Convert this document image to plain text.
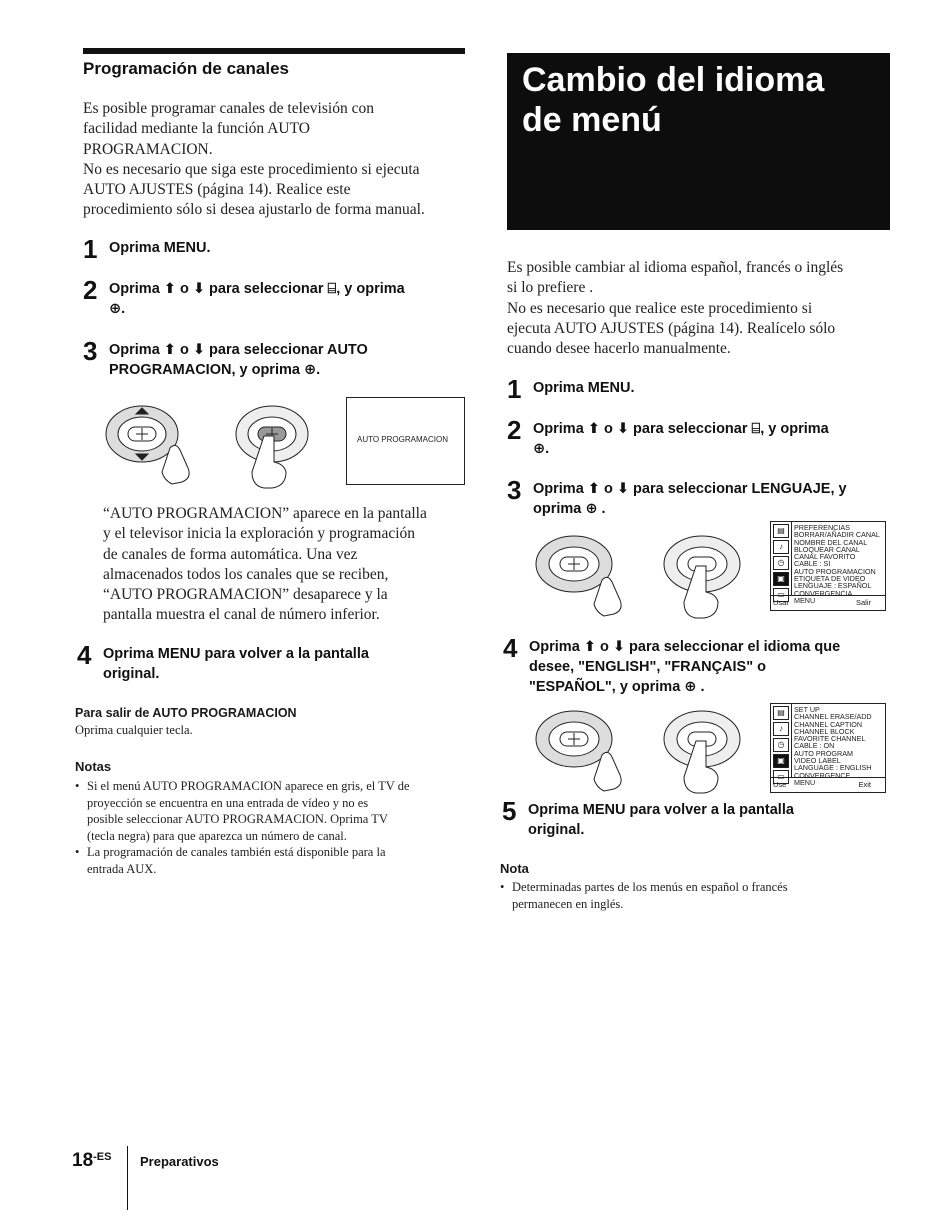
Programación de canales

Es posible programar canales de televisión con

facilidad mediante la función AUTO

PROGRAMACION.

No es necesario que siga este procedimiento si ejecuta

AUTO AJUSTES (página 14). Realice este

procedimiento sólo si desea ajustarlo de forma manual.

1 Oprima MENU.
2 Oprima ⬆ o ⬇ para seleccionar ⌸, y oprima
⊕.
3 Oprima ⬆ o ⬇ para seleccionar AUTO
PROGRAMACION, y oprima ⊕.
AUTO PROGRAMACION

“AUTO PROGRAMACION” aparece en la pantalla

y el televisor inicia la exploración y programación

de canales de forma automática. Una vez

almacenados todos los canales que se reciben,

“AUTO PROGRAMACION” desaparece y la

pantalla muestra el canal de número inferior.

4 Oprima MENU para volver a la pantalla
original.
Para salir de AUTO PROGRAMACION
Oprima cualquier tecla.
Notas
• Si el menú AUTO PROGRAMACION aparece en gris, el TV de
proyección se encuentra en una entrada de vídeo y no es
posible seleccionar AUTO PROGRAMACION. Oprima TV
(tecla negra) para que aparezca un número de canal.
• La programación de canales también está disponible para la
entrada AUX.
Cambio del idioma
de menú

Es posible cambiar al idioma español, francés o inglés

si lo prefiere .

No es necesario que realice este procedimiento si

ejecuta AUTO AJUSTES (página 14). Realícelo sólo

cuando desee hacerlo manualmente.

1 Oprima MENU.
2 Oprima ⬆ o ⬇ para seleccionar ⌸, y oprima
⊕.
3 Oprima ⬆ o ⬇ para seleccionar LENGUAJE, y
oprima ⊕ .
▤
♪
◷
▣
▭
PREFERENCIAS
BORRAR/AÑADIR CANAL
NOMBRE DEL CANAL
BLOQUEAR CANAL
CANAL FAVORITO
CABLE : SI
AUTO PROGRAMACION
ETIQUETA DE VIDEO
LENGUAJE : ESPAÑOL
CONVERGENCIA
MENU
Usar	Salir
4 Oprima ⬆ o ⬇ para seleccionar el idioma que
desee, "ENGLISH", "FRANÇAIS" o
"ESPAÑOL", y oprima ⊕ .
▤
♪
◷
▣
▭
SET UP
CHANNEL ERASE/ADD
CHANNEL CAPTION
CHANNEL BLOCK
FAVORITE CHANNEL
CABLE : ON
AUTO PROGRAM
VIDEO LABEL
LANGUAGE : ENGLISH
CONVERGENCE
MENU
Use	Exit
5 Oprima MENU para volver a la pantalla
original.
Nota
• Determinadas partes de los menús en español o francés
permanecen en inglés.
$18^{-ES}$ Preparativos
